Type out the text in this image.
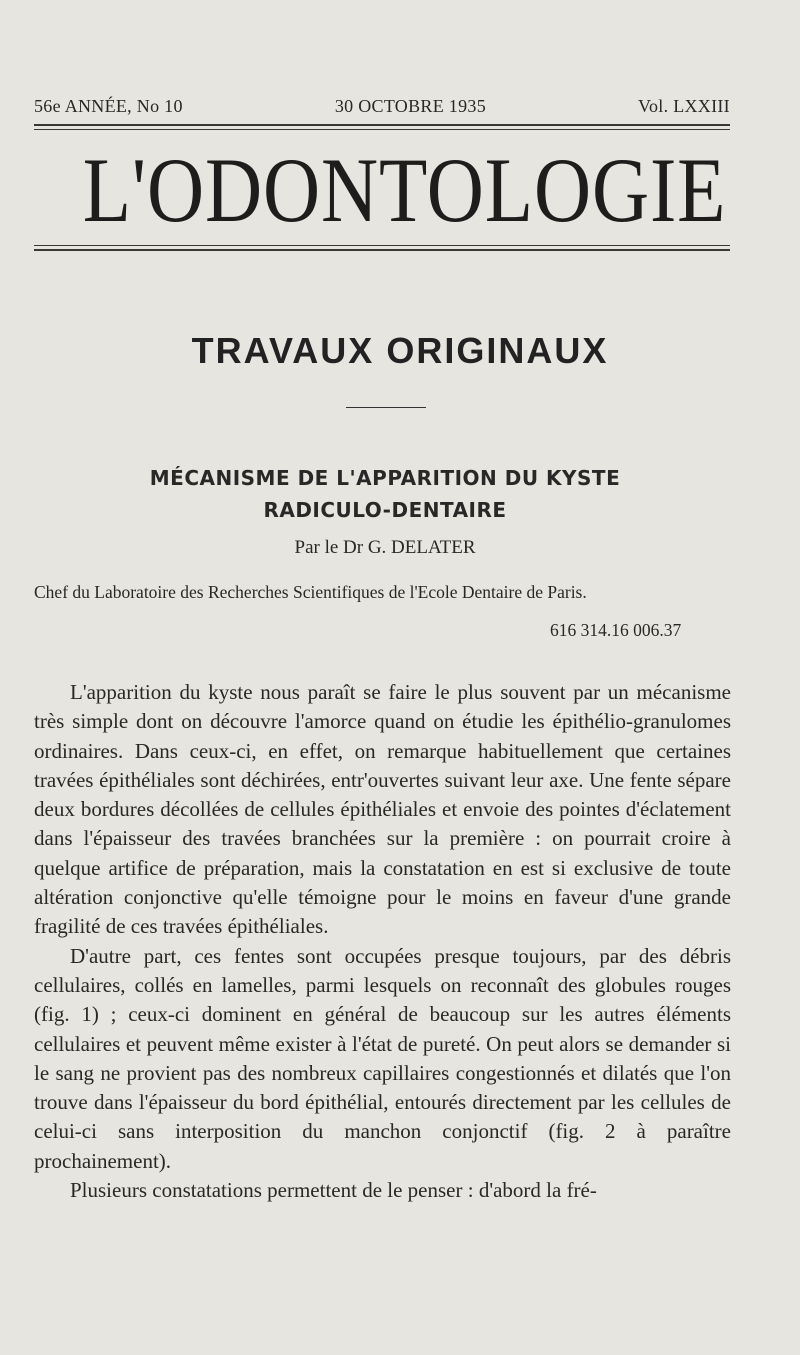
56e ANNÉE, No 10	30 OCTOBRE 1935	Vol. LXXIII
L'ODONTOLOGIE
TRAVAUX ORIGINAUX
MÉCANISME DE L'APPARITION DU KYSTE
RADICULO-DENTAIRE
Par le Dr G. DELATER
Chef du Laboratoire des Recherches Scientifiques de l'Ecole Dentaire de Paris.
616 314.16 006.37

L'apparition du kyste nous paraît se faire le plus souvent par un mécanisme très simple dont on découvre l'amorce quand on étudie les épithélio-granulomes ordinaires. Dans ceux-ci, en effet, on remarque habituellement que certaines travées épithéliales sont déchirées, entr'ouvertes suivant leur axe. Une fente sépare deux bordures décollées de cellules épithéliales et envoie des pointes d'éclatement dans l'épaisseur des travées branchées sur la première : on pourrait croire à quelque artifice de préparation, mais la constatation en est si exclusive de toute altération conjonctive qu'elle témoigne pour le moins en faveur d'une grande fragilité de ces travées épithéliales.

D'autre part, ces fentes sont occupées presque toujours, par des débris cellulaires, collés en lamelles, parmi lesquels on reconnaît des globules rouges (fig. 1) ; ceux-ci dominent en général de beaucoup sur les autres éléments cellulaires et peuvent même exister à l'état de pureté. On peut alors se demander si le sang ne provient pas des nombreux capillaires congestionnés et dilatés que l'on trouve dans l'épaisseur du bord épithélial, entourés directement par les cellules de celui-ci sans interposition du manchon conjonctif (fig. 2 à paraître prochainement).

Plusieurs constatations permettent de le penser : d'abord la fré-
